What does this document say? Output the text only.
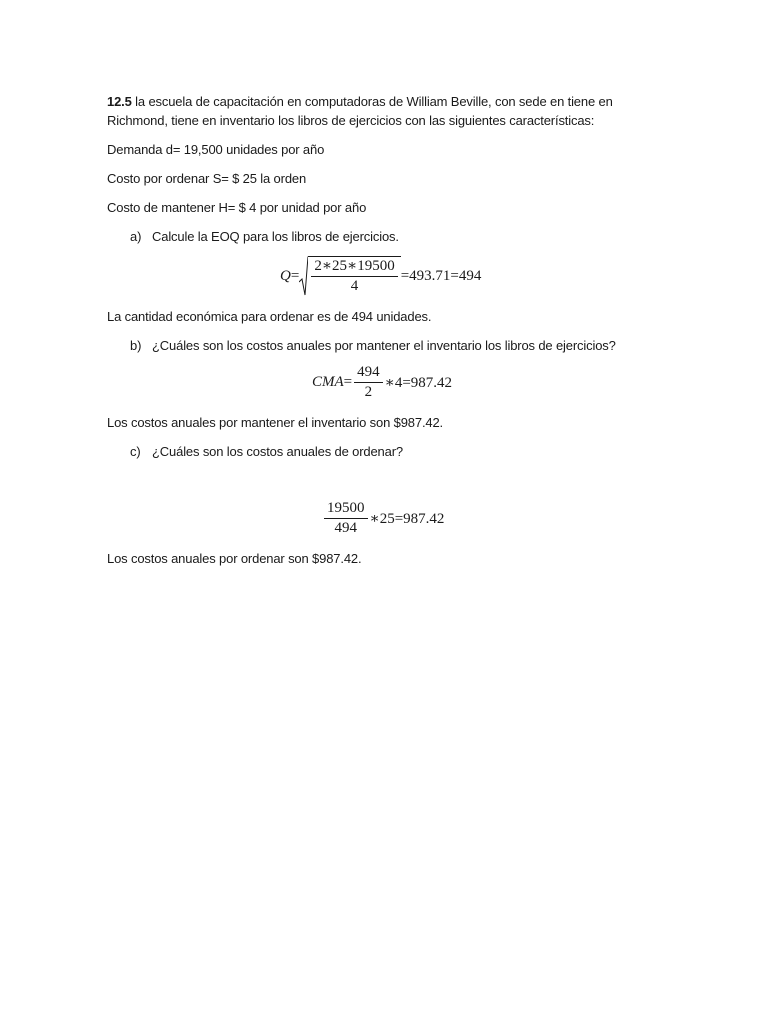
12.5 la escuela de capacitación en computadoras de William Beville, con sede en tiene en
Richmond, tiene en inventario los libros de ejercicios con las siguientes características:
Demanda d= 19,500 unidades por año
Costo por ordenar S= $ 25 la orden
Costo de mantener H= $ 4 por unidad por año
a) Calcule la EOQ para los libros de ejercicios.
$Q = \frac{2∗25∗19500}{4} =493.71=494$
La cantidad económica para ordenar es de 494 unidades.
b) ¿Cuáles son los costos anuales por mantener el inventario los libros de ejercicios?
CMA = $\frac{494}{2}$ ∗4=987.42
Los costos anuales por mantener el inventario son $987.42.
c) ¿Cuáles son los costos anuales de ordenar?
$\frac{19500}{494}$ ∗25=987.42
Los costos anuales por ordenar son $987.42.
